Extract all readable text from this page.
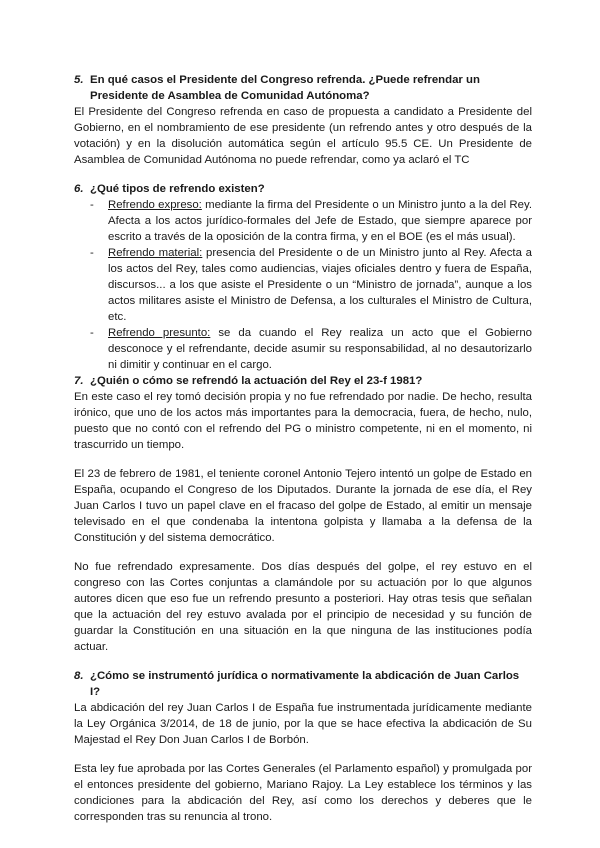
5. En qué casos el Presidente del Congreso refrenda. ¿Puede refrendar un Presidente de Asamblea de Comunidad Autónoma?

El Presidente del Congreso refrenda en caso de propuesta a candidato a Presidente del Gobierno, en el nombramiento de ese presidente (un refrendo antes y otro después de la votación) y en la disolución automática según el artículo 95.5 CE. Un Presidente de Asamblea de Comunidad Autónoma no puede refrendar, como ya aclaró el TC

6. ¿Qué tipos de refrendo existen?
- Refrendo expreso: mediante la firma del Presidente o un Ministro junto a la del Rey. Afecta a los actos jurídico-formales del Jefe de Estado, que siempre aparece por escrito a través de la oposición de la contra firma, y en el BOE (es el más usual).
- Refrendo material: presencia del Presidente o de un Ministro junto al Rey. Afecta a los actos del Rey, tales como audiencias, viajes oficiales dentro y fuera de España, discursos... a los que asiste el Presidente o un “Ministro de jornada”, aunque a los actos militares asiste el Ministro de Defensa, a los culturales el Ministro de Cultura, etc.
- Refrendo presunto: se da cuando el Rey realiza un acto que el Gobierno desconoce y el refrendante, decide asumir su responsabilidad, al no desautorizarlo ni dimitir y continuar en el cargo.
7. ¿Quién o cómo se refrendó la actuación del Rey el 23-f 1981?

En este caso el rey tomó decisión propia y no fue refrendado por nadie. De hecho, resulta irónico, que uno de los actos más importantes para la democracia, fuera, de hecho, nulo, puesto que no contó con el refrendo del PG o ministro competente, ni en el momento, ni trascurrido un tiempo.

El 23 de febrero de 1981, el teniente coronel Antonio Tejero intentó un golpe de Estado en España, ocupando el Congreso de los Diputados. Durante la jornada de ese día, el Rey Juan Carlos I tuvo un papel clave en el fracaso del golpe de Estado, al emitir un mensaje televisado en el que condenaba la intentona golpista y llamaba a la defensa de la Constitución y del sistema democrático.

No fue refrendado expresamente. Dos días después del golpe, el rey estuvo en el congreso con las Cortes conjuntas a clamándole por su actuación por lo que algunos autores dicen que eso fue un refrendo presunto a posteriori. Hay otras tesis que señalan que la actuación del rey estuvo avalada por el principio de necesidad y su función de guardar la Constitución en una situación en la que ninguna de las instituciones podía actuar.

8. ¿Cómo se instrumentó jurídica o normativamente la abdicación de Juan Carlos I?

La abdicación del rey Juan Carlos I de España fue instrumentada jurídicamente mediante la Ley Orgánica 3/2014, de 18 de junio, por la que se hace efectiva la abdicación de Su Majestad el Rey Don Juan Carlos I de Borbón.

Esta ley fue aprobada por las Cortes Generales (el Parlamento español) y promulgada por el entonces presidente del gobierno, Mariano Rajoy. La Ley establece los términos y las condiciones para la abdicación del Rey, así como los derechos y deberes que le corresponden tras su renuncia al trono.
